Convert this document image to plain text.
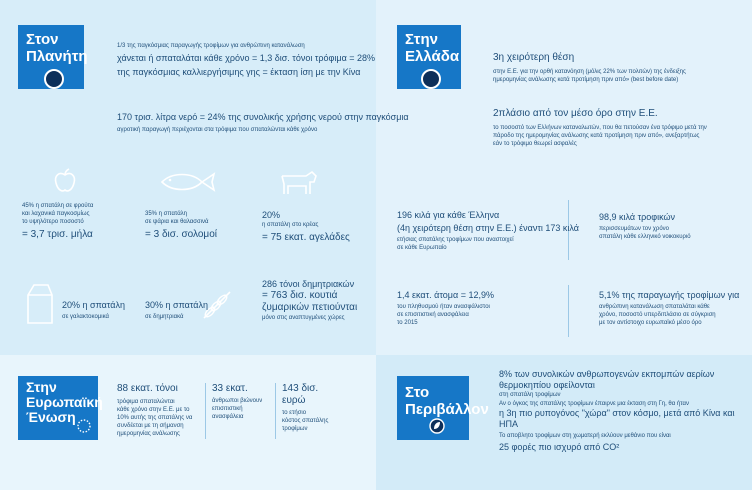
Στον
Πλανήτη
1/3 της παγκόσμιας παραγωγής τροφίμων για ανθρώπινη κατανάλωση
χάνεται ή σπαταλάται κάθε χρόνο = 1,3 δισ. τόνοι τρόφιμα = 28%
της παγκόσμιας καλλιεργήσιμης γης = έκταση ίση με την Κίνα
170 τρισ. λίτρα νερό = 24% της συνολικής χρήσης νερού στην παγκόσμια
αγροτική παραγωγή περιέχονται στα τρόφιμα που σπαταλώνται κάθε χρόνο
45% η σπατάλη σε φρούτα
και λαχανικά παγκοσμίως
το υψηλότερο ποσοστό
= 3,7 τρισ. μήλα
35% η σπατάλη
σε ψάρια και θαλασσινά
= 3 δισ. σολομοί
20%
η σπατάλη στο κρέας
= 75 εκατ. αγελάδες
20% η σπατάλη
σε γαλακτοκομικά
30% η σπατάλη
σε δημητριακά
286 τόνοι δημητριακών
= 763 δισ. κουτιά
ζυμαρικών πετιούνται
μόνο στις αναπτυγμένες χώρες
Στην
Ελλάδα	3η χειρότερη θέση
στην Ε.Ε. για την ορθή κατανόηση (μόλις 22% των πολιτών) της ένδειξης
ημερομηνίας ανάλωσης κατά προτίμηση πριν από» (best before date)
2πλάσιο από τον μέσο όρο στην Ε.Ε.
το ποσοστό των Ελλήνων καταναλωτών, που θα πετούσαν ένα τρόφιμο μετά την
πάροδο της ημερομηνίας ανάλωσης κατά προτίμηση πριν από», ανεξαρτήτως
εάν το τρόφιμο θεωρεί ασφαλές
196 κιλά για κάθε Έλληνα
(4η χειρότερη θέση στην Ε.Ε.) έναντι 173 κιλά
ετήσιας σπατάλης τροφίμων που αναστοιχεί
σε κάθε Ευρωπαίο
98,9 κιλά τροφικών
περισσευμάτων τον χρόνο
σπατάλη κάθε ελληνικό νοικοκυριό
1,4 εκατ. άτομα = 12,9%
του πληθυσμού ήταν ανασφάλιστοι
σε επισιτιστική ανασφάλεια
το 2015
5,1% της παραγωγής τροφίμων για
ανθρώπινη κατανάλωση σπαταλάται κάθε
χρόνο, ποσοστό υπερδιπλάσιο σε σύγκριση
με τον αντίστοιχο ευρωπαϊκό μέσο όρο
Στην
Ευρωπαϊκή
Ένωση
88 εκατ. τόνοι
τρόφιμα σπαταλώνται
κάθε χρόνο στην Ε.Ε. με το
10% αυτής της σπατάλης να
συνδέεται με τη σήμανση
ημερομηνίας ανάλωσης
33 εκατ.
άνθρωποι βιώνουν
επισιτιστική
ανασφάλεια
143 δισ.
ευρώ
το ετήσιο
κόστος σπατάλης
τροφίμων
Στο
Περιβάλλον
8% των συνολικών ανθρωπογενών εκπομπών αερίων θερμοκηπίου οφείλονται
στη σπατάλη τροφίμων
Αν ο όγκος της σπατάλης τροφίμων έπαιρνε μια έκταση στη Γη, θα ήταν
η 3η πιο ρυπογόνος "χώρα" στον κόσμο, μετά από Κίνα και ΗΠΑ
Το αποβλητο τροφίμων στη χωματερή εκλύουν μεθάνιο που είναι
25 φορές πιο ισχυρό από CO²
